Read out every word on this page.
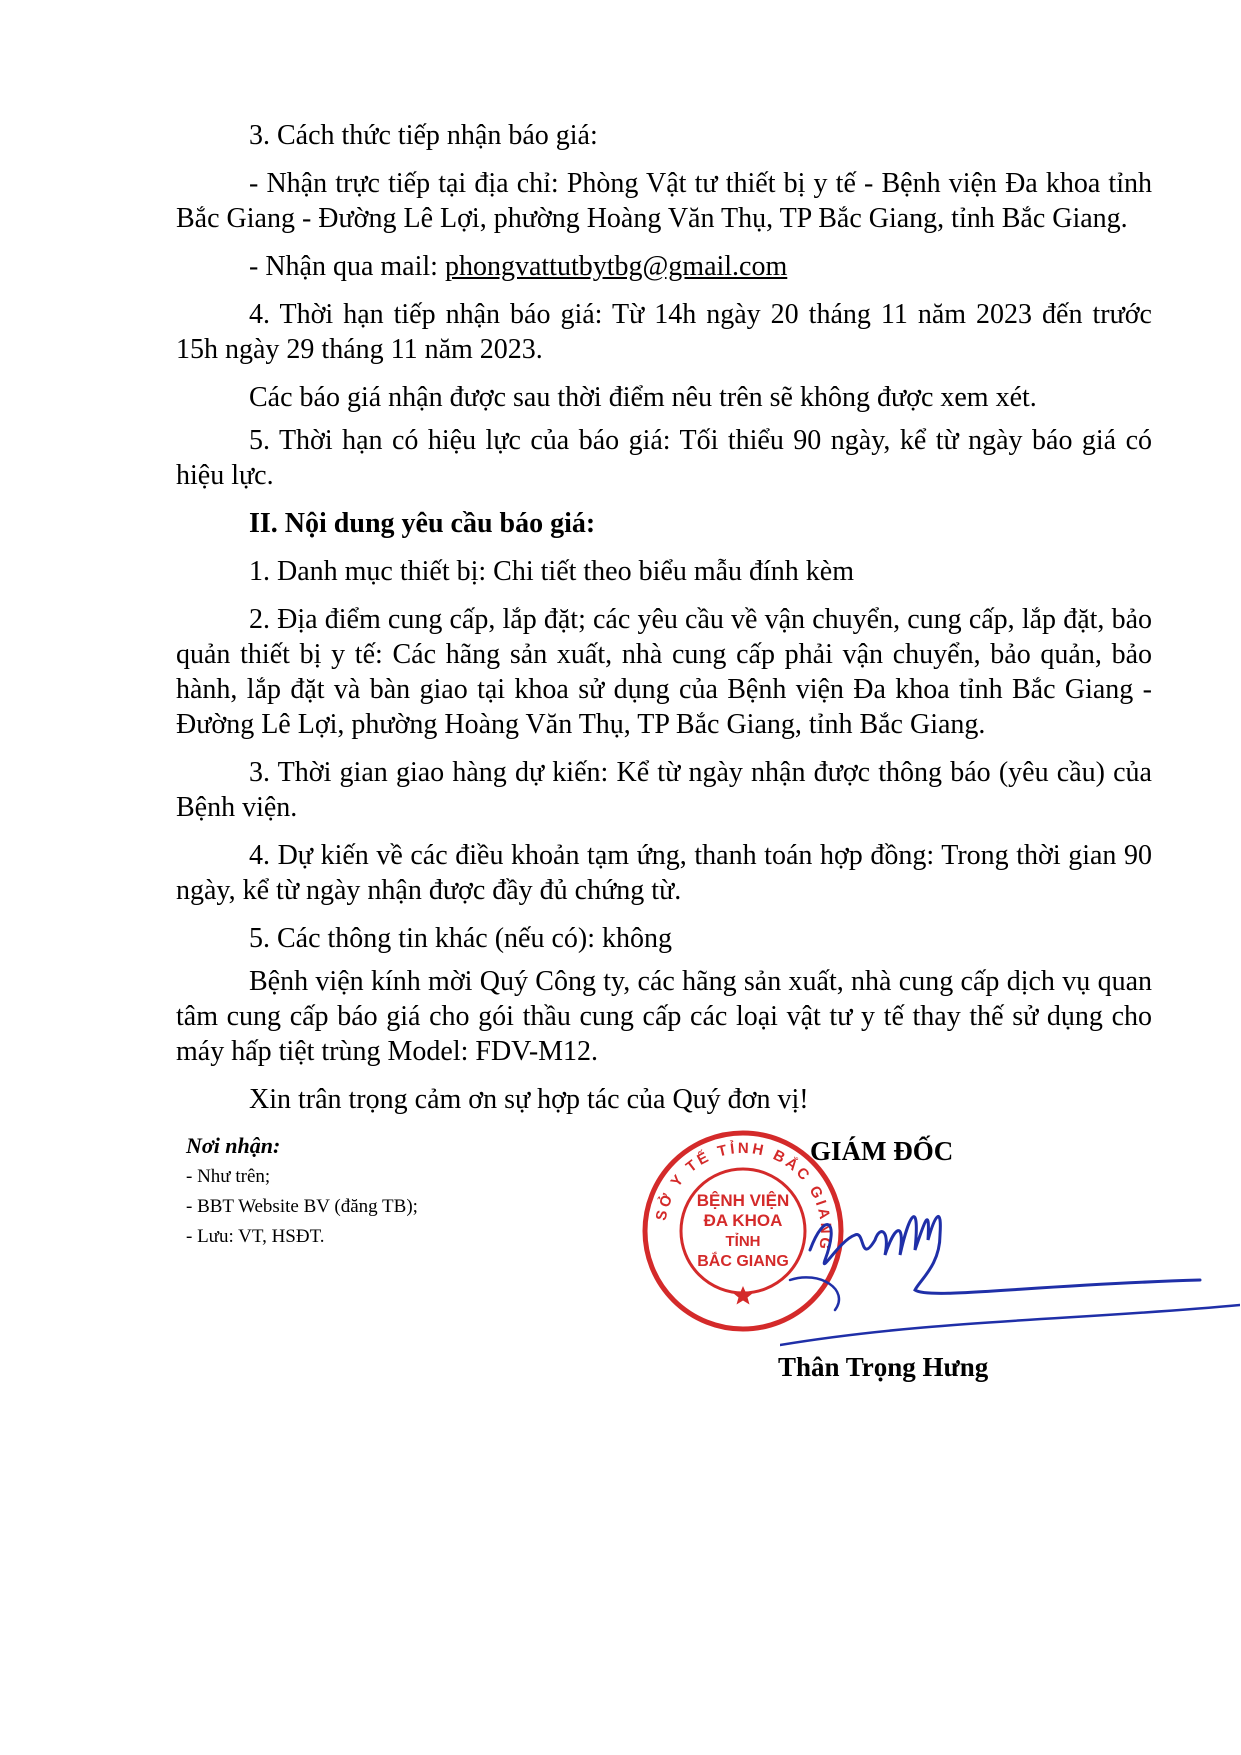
3. Cách thức tiếp nhận báo giá:

- Nhận trực tiếp tại địa chỉ: Phòng Vật tư thiết bị y tế - Bệnh viện Đa khoa tỉnh Bắc Giang - Đường Lê Lợi, phường Hoàng Văn Thụ, TP Bắc Giang, tỉnh Bắc Giang.

- Nhận qua mail: phongvattutbytbg@gmail.com

4. Thời hạn tiếp nhận báo giá: Từ 14h ngày 20 tháng 11 năm 2023 đến trước 15h ngày 29 tháng 11 năm 2023.

Các báo giá nhận được sau thời điểm nêu trên sẽ không được xem xét.

5. Thời hạn có hiệu lực của báo giá: Tối thiểu 90 ngày, kể từ ngày báo giá có hiệu lực.

II. Nội dung yêu cầu báo giá:

1. Danh mục thiết bị: Chi tiết theo biểu mẫu đính kèm

2. Địa điểm cung cấp, lắp đặt; các yêu cầu về vận chuyển, cung cấp, lắp đặt, bảo quản thiết bị y tế: Các hãng sản xuất, nhà cung cấp phải vận chuyển, bảo quản, bảo hành, lắp đặt và bàn giao tại khoa sử dụng của Bệnh viện Đa khoa tỉnh Bắc Giang - Đường Lê Lợi, phường Hoàng Văn Thụ, TP Bắc Giang, tỉnh Bắc Giang.

3. Thời gian giao hàng dự kiến: Kể từ ngày nhận được thông báo (yêu cầu) của Bệnh viện.

4. Dự kiến về các điều khoản tạm ứng, thanh toán hợp đồng: Trong thời gian 90 ngày, kể từ ngày nhận được đầy đủ chứng từ.

5. Các thông tin khác (nếu có): không

Bệnh viện kính mời Quý Công ty, các hãng sản xuất, nhà cung cấp dịch vụ quan tâm cung cấp báo giá cho gói thầu cung cấp các loại vật tư y tế thay thế sử dụng cho máy hấp tiệt trùng Model: FDV-M12.

Xin trân trọng cảm ơn sự hợp tác của Quý đơn vị!

Nơi nhận:
- Như trên;
- BBT Website BV (đăng TB);
- Lưu: VT, HSĐT.
SỞ Y TẾ TỈNH BẮC GIANG
BỆNH VIỆN
ĐA KHOA
TỈNH
BẮC GIANG
GIÁM ĐỐC
Thân Trọng Hưng
